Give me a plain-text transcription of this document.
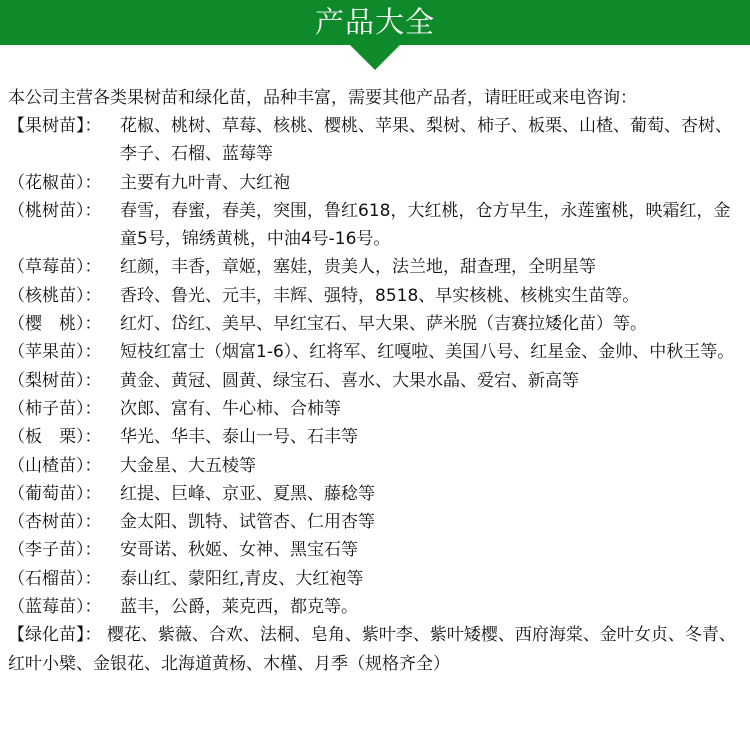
产品大全
本公司主营各类果树苗和绿化苗，品种丰富，需要其他产品者，请旺旺或来电咨询：
【果树苗】： 花椒、桃树、草莓、核桃、樱桃、苹果、梨树、柿子、板栗、山楂、葡萄、杏树、李子、石榴、蓝莓等
（花椒苗）： 主要有九叶青、大红袍
（桃树苗）： 春雪，春蜜，春美，突围，鲁红618，大红桃，仓方早生，永莲蜜桃，映霜红，金童5号，锦绣黄桃，中油4号-16号。
（草莓苗）： 红颜，丰香，章姬，塞娃，贵美人，法兰地，甜查理，全明星等
（核桃苗）： 香玲、鲁光、元丰，丰辉、强特，8518、早实核桃、核桃实生苗等。
（樱　桃）： 红灯、岱红、美早、早红宝石、早大果、萨米脱（吉赛拉矮化苗）等。
（苹果苗）： 短枝红富士（烟富1-6）、红将军、红嘎啦、美国八号、红星金、金帅、中秋王等。
（梨树苗）： 黄金、黄冠、圆黄、绿宝石、喜水、大果水晶、爱宕、新高等
（柿子苗）： 次郎、富有、牛心柿、合柿等
（板　栗）： 华光、华丰、泰山一号、石丰等
（山楂苗）： 大金星、大五棱等
（葡萄苗）： 红提、巨峰、京亚、夏黑、藤稔等
（杏树苗）： 金太阳、凯特、试管杏、仁用杏等
（李子苗）： 安哥诺、秋姬、女神、黑宝石等
（石榴苗）： 泰山红、蒙阳红,青皮、大红袍等
（蓝莓苗）： 蓝丰，公爵，莱克西，都克等。
【绿化苗】： 樱花、紫薇、合欢、法桐、皂角、紫叶李、紫叶矮樱、西府海棠、金叶女贞、冬青、红叶小檗、金银花、北海道黄杨、木槿、月季（规格齐全）
